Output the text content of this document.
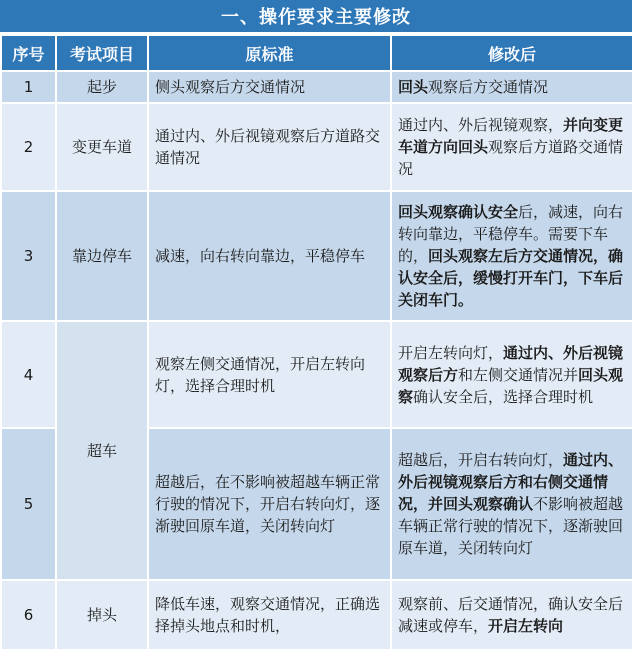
一、操作要求主要修改
序号	考试项目	原标准	修改后
1	起步	侧头观察后方交通情况	回头观察后方交通情况
2	变更车道	通过内、外后视镜观察后方道路交通情况	通过内、外后视镜观察，并向变更车道方向回头观察后方道路交通情况
3	靠边停车	减速，向右转向靠边，平稳停车	回头观察确认安全后，减速，向右转向靠边，平稳停车。需要下车的，回头观察左后方交通情况，确认安全后，缓慢打开车门，下车后关闭车门。
4	超车	观察左侧交通情况，开启左转向灯，选择合理时机	开启左转向灯，通过内、外后视镜观察后方和左侧交通情况并回头观察确认安全后，选择合理时机
5		超越后，在不影响被超越车辆正常行驶的情况下，开启右转向灯，逐渐驶回原车道，关闭转向灯	超越后，开启右转向灯，通过内、外后视镜观察后方和右侧交通情况，并回头观察确认不影响被超越车辆正常行驶的情况下，逐渐驶回原车道，关闭转向灯
6	掉头	降低车速，观察交通情况，正确选择掉头地点和时机，	观察前、后交通情况，确认安全后减速或停车，开启左转向
